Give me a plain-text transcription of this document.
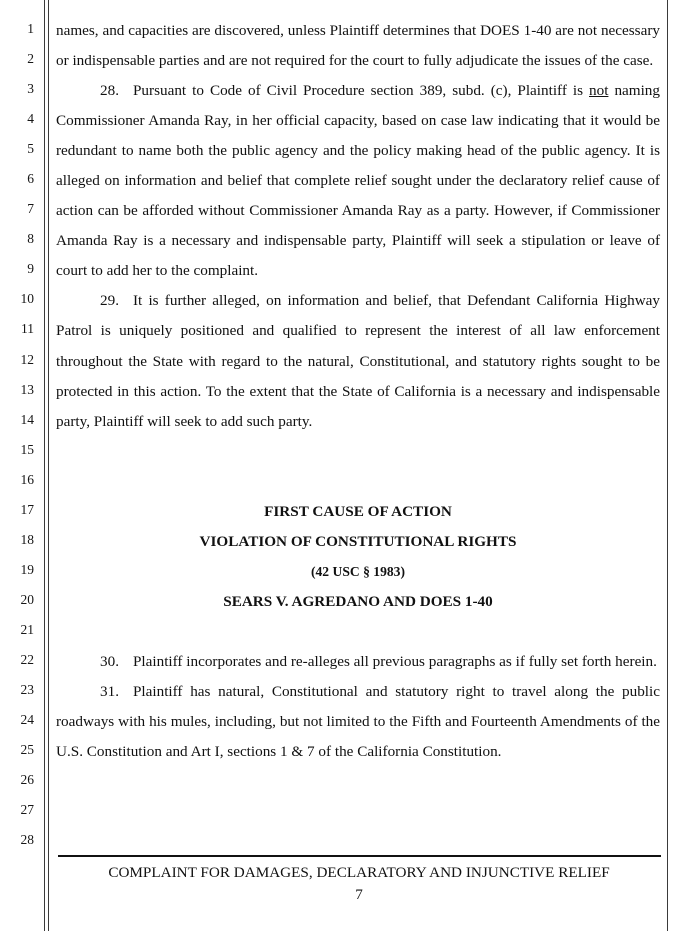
1
2
3
4
5
6
7
8
9
10
11
12
13
14
15
16
17
18
19
20
21
22
23
24
25
26
27
28

names, and capacities are discovered, unless Plaintiff determines that DOES 1-40 are not necessary or indispensable parties and are not required for the court to fully adjudicate the issues of the case.

28. Pursuant to Code of Civil Procedure section 389, subd. (c), Plaintiff is not naming Commissioner Amanda Ray, in her official capacity, based on case law indicating that it would be redundant to name both the public agency and the policy making head of the public agency. It is alleged on information and belief that complete relief sought under the declaratory relief cause of action can be afforded without Commissioner Amanda Ray as a party. However, if Commissioner Amanda Ray is a necessary and indispensable party, Plaintiff will seek a stipulation or leave of court to add her to the complaint.

29. It is further alleged, on information and belief, that Defendant California Highway Patrol is uniquely positioned and qualified to represent the interest of all law enforcement throughout the State with regard to the natural, Constitutional, and statutory rights sought to be protected in this action. To the extent that the State of California is a necessary and indispensable party, Plaintiff will seek to add such party.

FIRST CAUSE OF ACTION
VIOLATION OF CONSTITUTIONAL RIGHTS
(42 USC § 1983)
SEARS V. AGREDANO AND DOES 1-40

30. Plaintiff incorporates and re-alleges all previous paragraphs as if fully set forth herein.

31. Plaintiff has natural, Constitutional and statutory right to travel along the public roadways with his mules, including, but not limited to the Fifth and Fourteenth Amendments of the U.S. Constitution and Art I, sections 1 & 7 of the California Constitution.

COMPLAINT FOR DAMAGES, DECLARATORY AND INJUNCTIVE RELIEF
7
